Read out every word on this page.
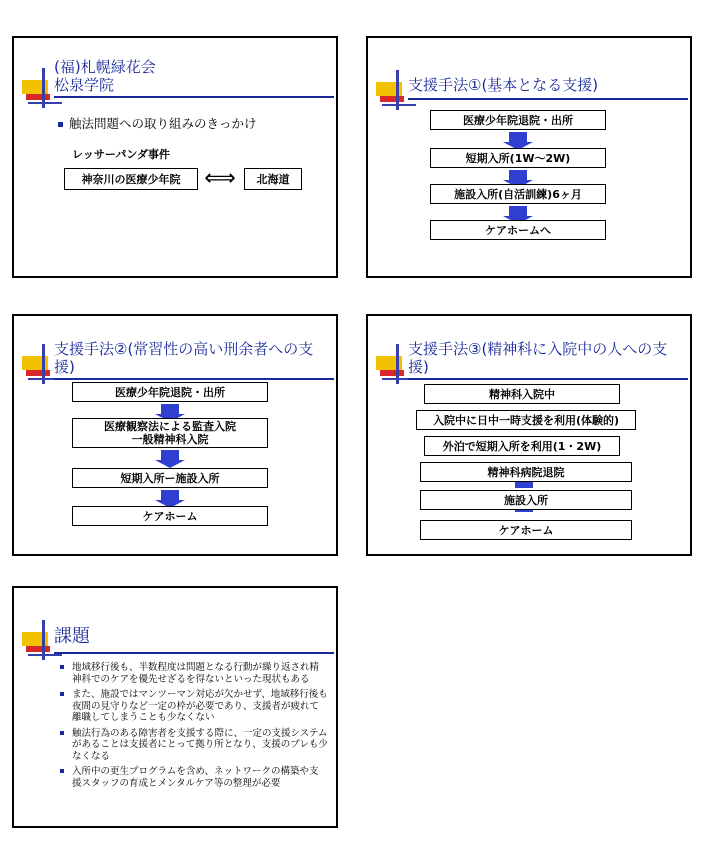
(福)札幌緑花会
松泉学院
触法問題への取り組みのきっかけ
レッサーパンダ事件
神奈川の医療少年院	⟺	北海道
支援手法①(基本となる支援)
医療少年院退院・出所
短期入所(1W〜2W)
施設入所(自活訓練)6ヶ月
ケアホームへ
支援手法②(常習性の高い刑余者への支援)
医療少年院退院・出所
医療観察法による監査入院
一般精神科入院
短期入所ー施設入所
ケアホーム
支援手法③(精神科に入院中の人への支援)
精神科入院中
入院中に日中一時支援を利用(体験的)
外泊で短期入所を利用(1・2W)
精神科病院退院
施設入所
ケアホーム
課題
地域移行後も、半数程度は問題となる行動が繰り返され精神科でのケアを優先せざるを得ないといった現状もある
また、施設ではマンツーマン対応が欠かせず、地域移行後も夜間の見守りなど一定の枠が必要であり、支援者が疲れて離職してしまうことも少なくない
触法行為のある障害者を支援する際に、一定の支援システムがあることは支援者にとって拠り所となり、支援のブレも少なくなる
入所中の更生プログラムを含め、ネットワークの構築や支援スタッフの育成とメンタルケア等の整理が必要
